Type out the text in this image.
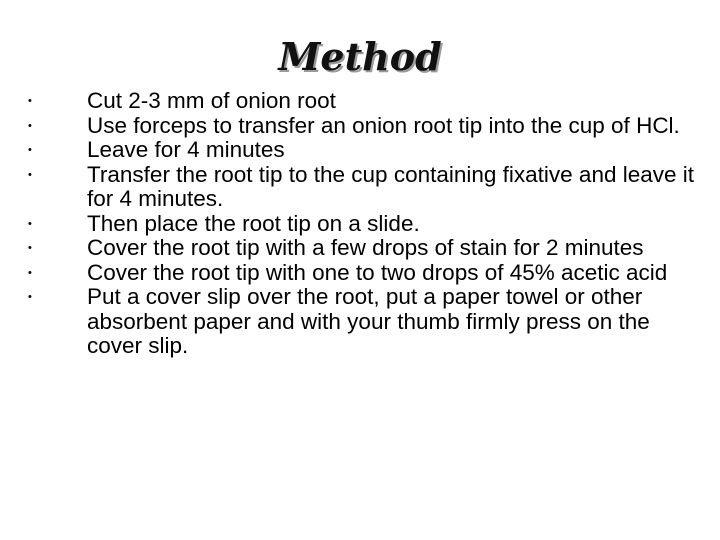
Method
• Cut 2-3 mm of onion root
• Use forceps to transfer an onion root tip into the cup of HCl.
• Leave for 4 minutes
• Transfer the root tip to the cup containing fixative and leave it for 4 minutes.
• Then place the root tip on a slide.
• Cover the root tip with a few drops of stain for 2 minutes
• Cover the root tip with one to two drops of 45% acetic acid
• Put a cover slip over the root, put a paper towel or other absorbent paper and with your thumb firmly press on the cover slip.
